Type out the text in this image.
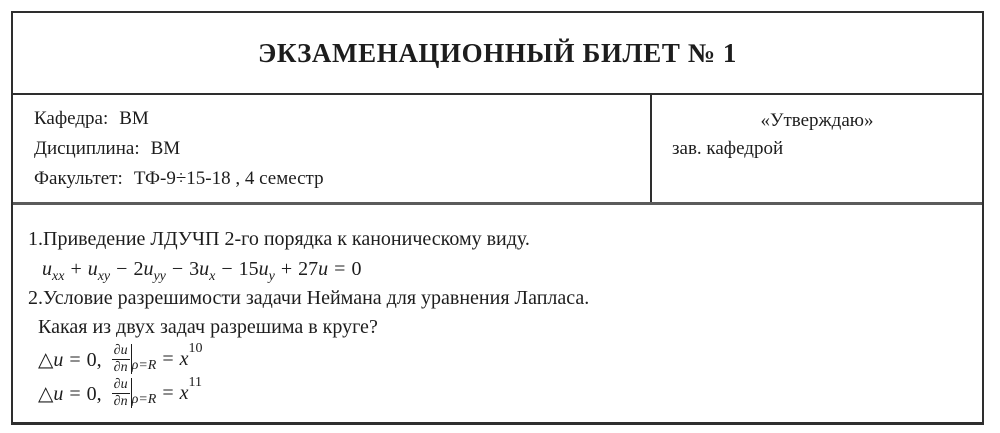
ЭКЗАМЕНАЦИОННЫЙ БИЛЕТ № 1
Кафедра: ВМ
Дисциплина: ВМ
Факультет: ТФ-9÷15-18 , 4 семестр
«Утверждаю»
зав. кафедрой
1.Приведение ЛДУЧП 2-го порядка к каноническому виду.
$u_{xx} + u_{xy} - 2u_{yy} - 3u_x - 15u_y + 27u = 0$
2.Условие разрешимости задачи Неймана для уравнения Лапласа.
Какая из двух задач разрешима в круге?
△u = 0, $\frac{\partial u}{\partial n} \rho=R = x$ 10
△u = 0, $\frac{\partial u}{\partial n} \rho=R = x$ 11
